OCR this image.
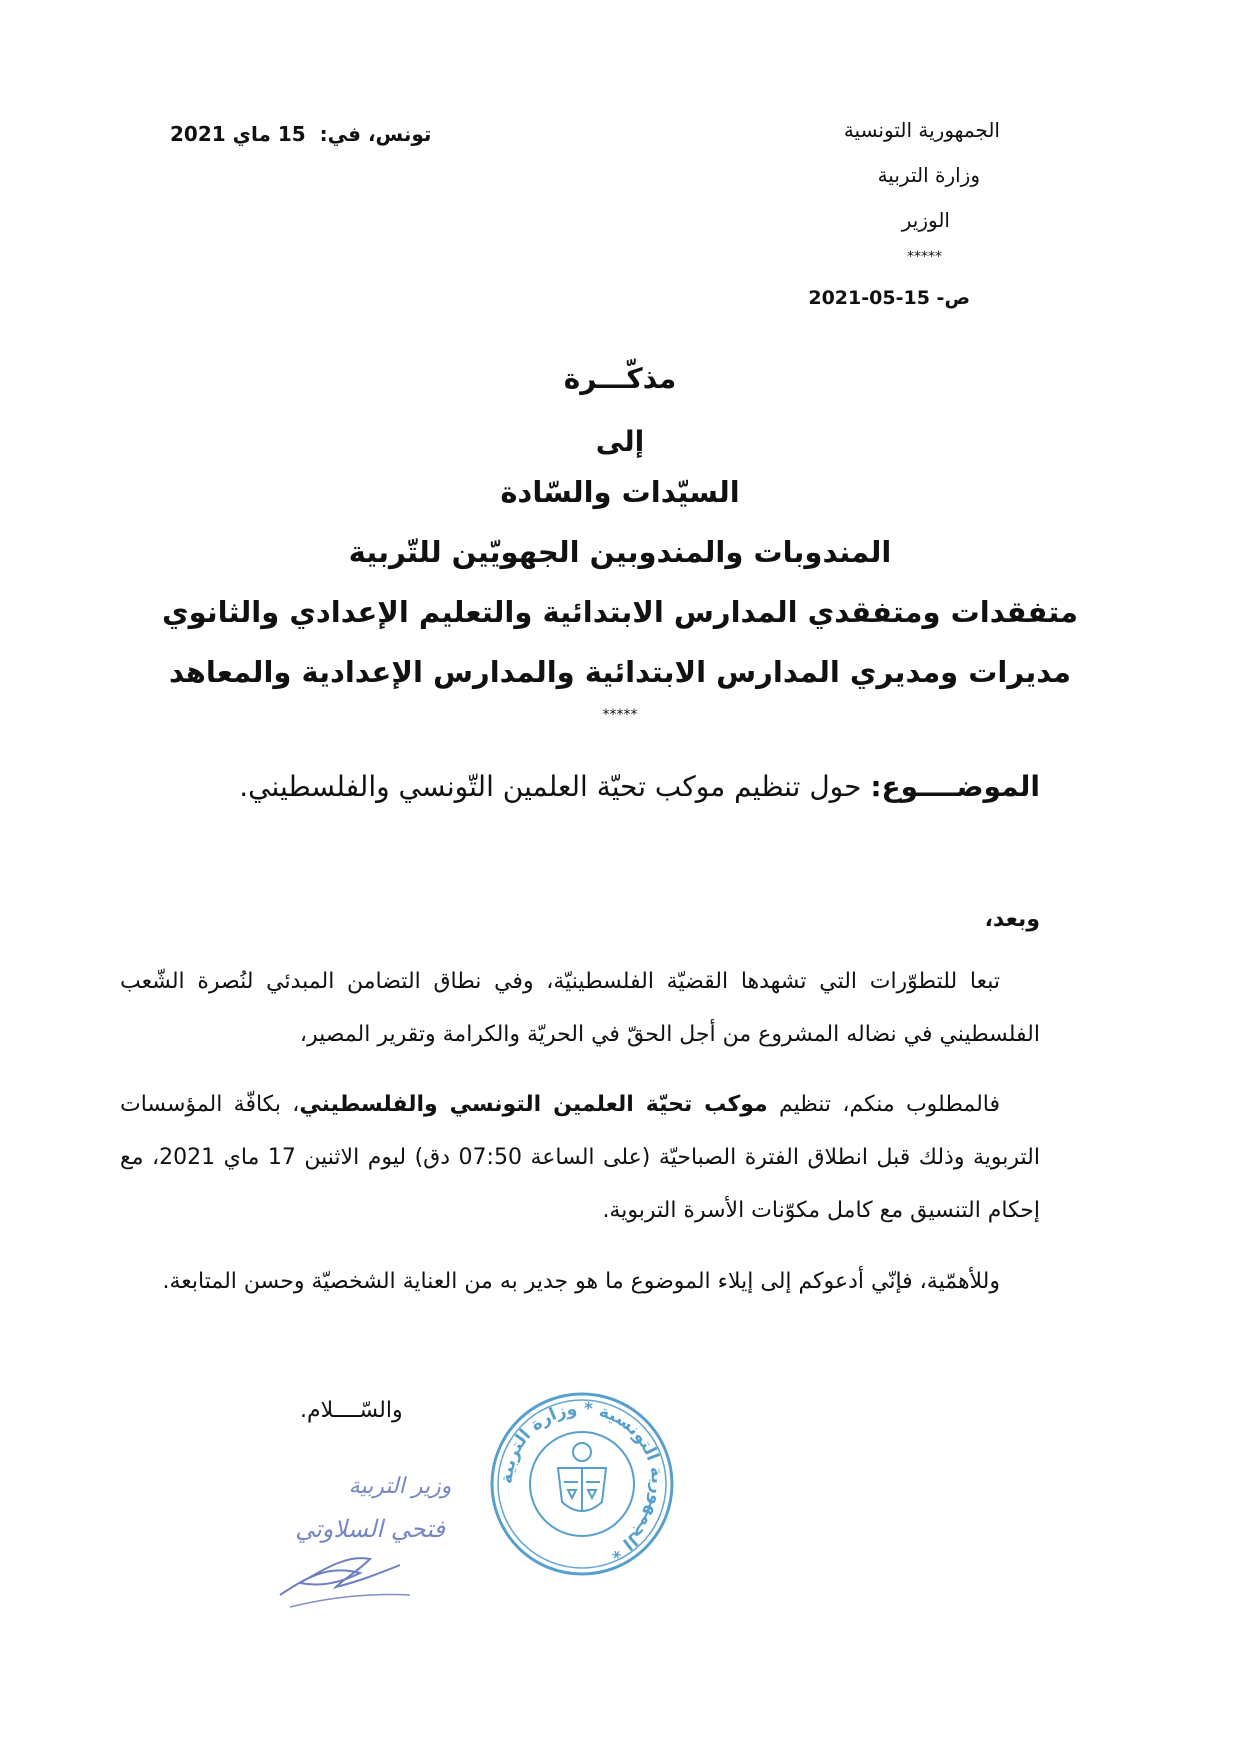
تونس، في:15 ماي 2021	الجمهورية التونسية
وزارة التربية
الوزير
*****
ص- 15-05-2021
مذكّـــرة
إلى
السيّدات والسّادة
المندوبات والمندوبين الجهويّين للتّربية
متفقدات ومتفقدي المدارس الابتدائية والتعليم الإعدادي والثانوي
مديرات ومديري المدارس الابتدائية والمدارس الإعدادية والمعاهد
*****
الموضــــوع: حول تنظيم موكب تحيّة العلمين التّونسي والفلسطيني.
وبعد،
تبعا للتطوّرات التي تشهدها القضيّة الفلسطينيّة، وفي نطاق التضامن المبدئي لنُصرة الشّعب الفلسطيني في نضاله المشروع من أجل الحقّ في الحريّة والكرامة وتقرير المصير،
فالمطلوب منكم، تنظيم موكب تحيّة العلمين التونسي والفلسطيني، بكافّة المؤسسات التربوية وذلك قبل انطلاق الفترة الصباحيّة (على الساعة 07:50 دق) ليوم الاثنين 17 ماي 2021، مع إحكام التنسيق مع كامل مكوّنات الأسرة التربوية.
وللأهمّية، فإنّي أدعوكم إلى إيلاء الموضوع ما هو جدير به من العناية الشخصيّة وحسن المتابعة.
والسّــــلام.
الجمهورية التونسية * وزارة التربية *
وزير التربية
فتحي السلاوتي
